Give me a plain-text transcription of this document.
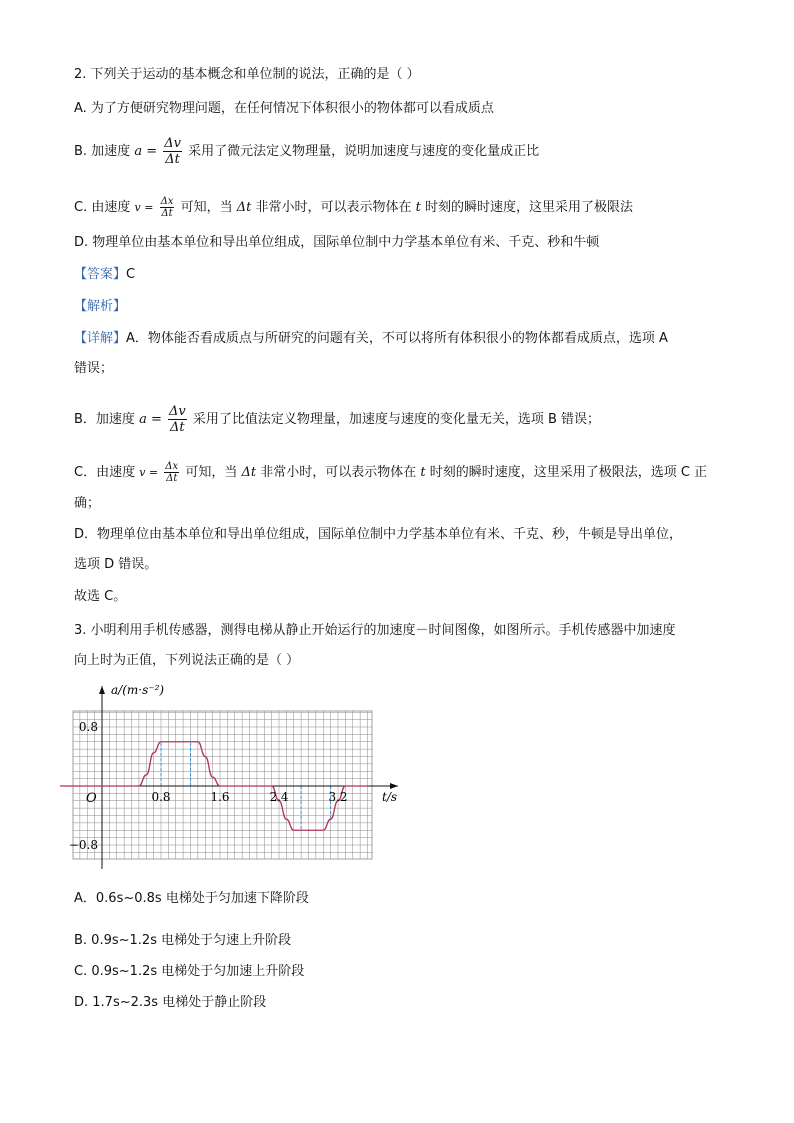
2. 下列关于运动的基本概念和单位制的说法，正确的是（ ）
A. 为了方便研究物理问题，在任何情况下体积很小的物体都可以看成质点
B. 加速度 $a = \frac{\Delta v}{\Delta t}$ 采用了微元法定义物理量，说明加速度与速度的变化量成正比
C. 由速度 $v = \frac{\Delta x}{\Delta t}$ 可知，当 Δt 非常小时，可以表示物体在 t 时刻的瞬时速度，这里采用了极限法
D. 物理单位由基本单位和导出单位组成，国际单位制中力学基本单位有米、千克、秒和牛顿
【答案】C
【解析】
【详解】A．物体能否看成质点与所研究的问题有关，不可以将所有体积很小的物体都看成质点，选项 A
错误；
B．加速度 $a = \frac{\Delta v}{\Delta t}$ 采用了比值法定义物理量，加速度与速度的变化量无关，选项 B 错误；
C．由速度 $v = \frac{\Delta x}{\Delta t}$ 可知，当 Δt 非常小时，可以表示物体在 t 时刻的瞬时速度，这里采用了极限法，选项 C 正
确；
D．物理单位由基本单位和导出单位组成，国际单位制中力学基本单位有米、千克、秒，牛顿是导出单位，
选项 D 错误。
故选 C。
3. 小明利用手机传感器，测得电梯从静止开始运行的加速度－时间图像，如图所示。手机传感器中加速度
向上时为正值，下列说法正确的是（ ）
a/(m·s⁻²)
t/s
O	0.8	1.6	2.4	3.2
0.8
−0.8
A．0.6s~0.8s 电梯处于匀加速下降阶段
B. 0.9s~1.2s 电梯处于匀速上升阶段
C. 0.9s~1.2s 电梯处于匀加速上升阶段
D. 1.7s~2.3s 电梯处于静止阶段
